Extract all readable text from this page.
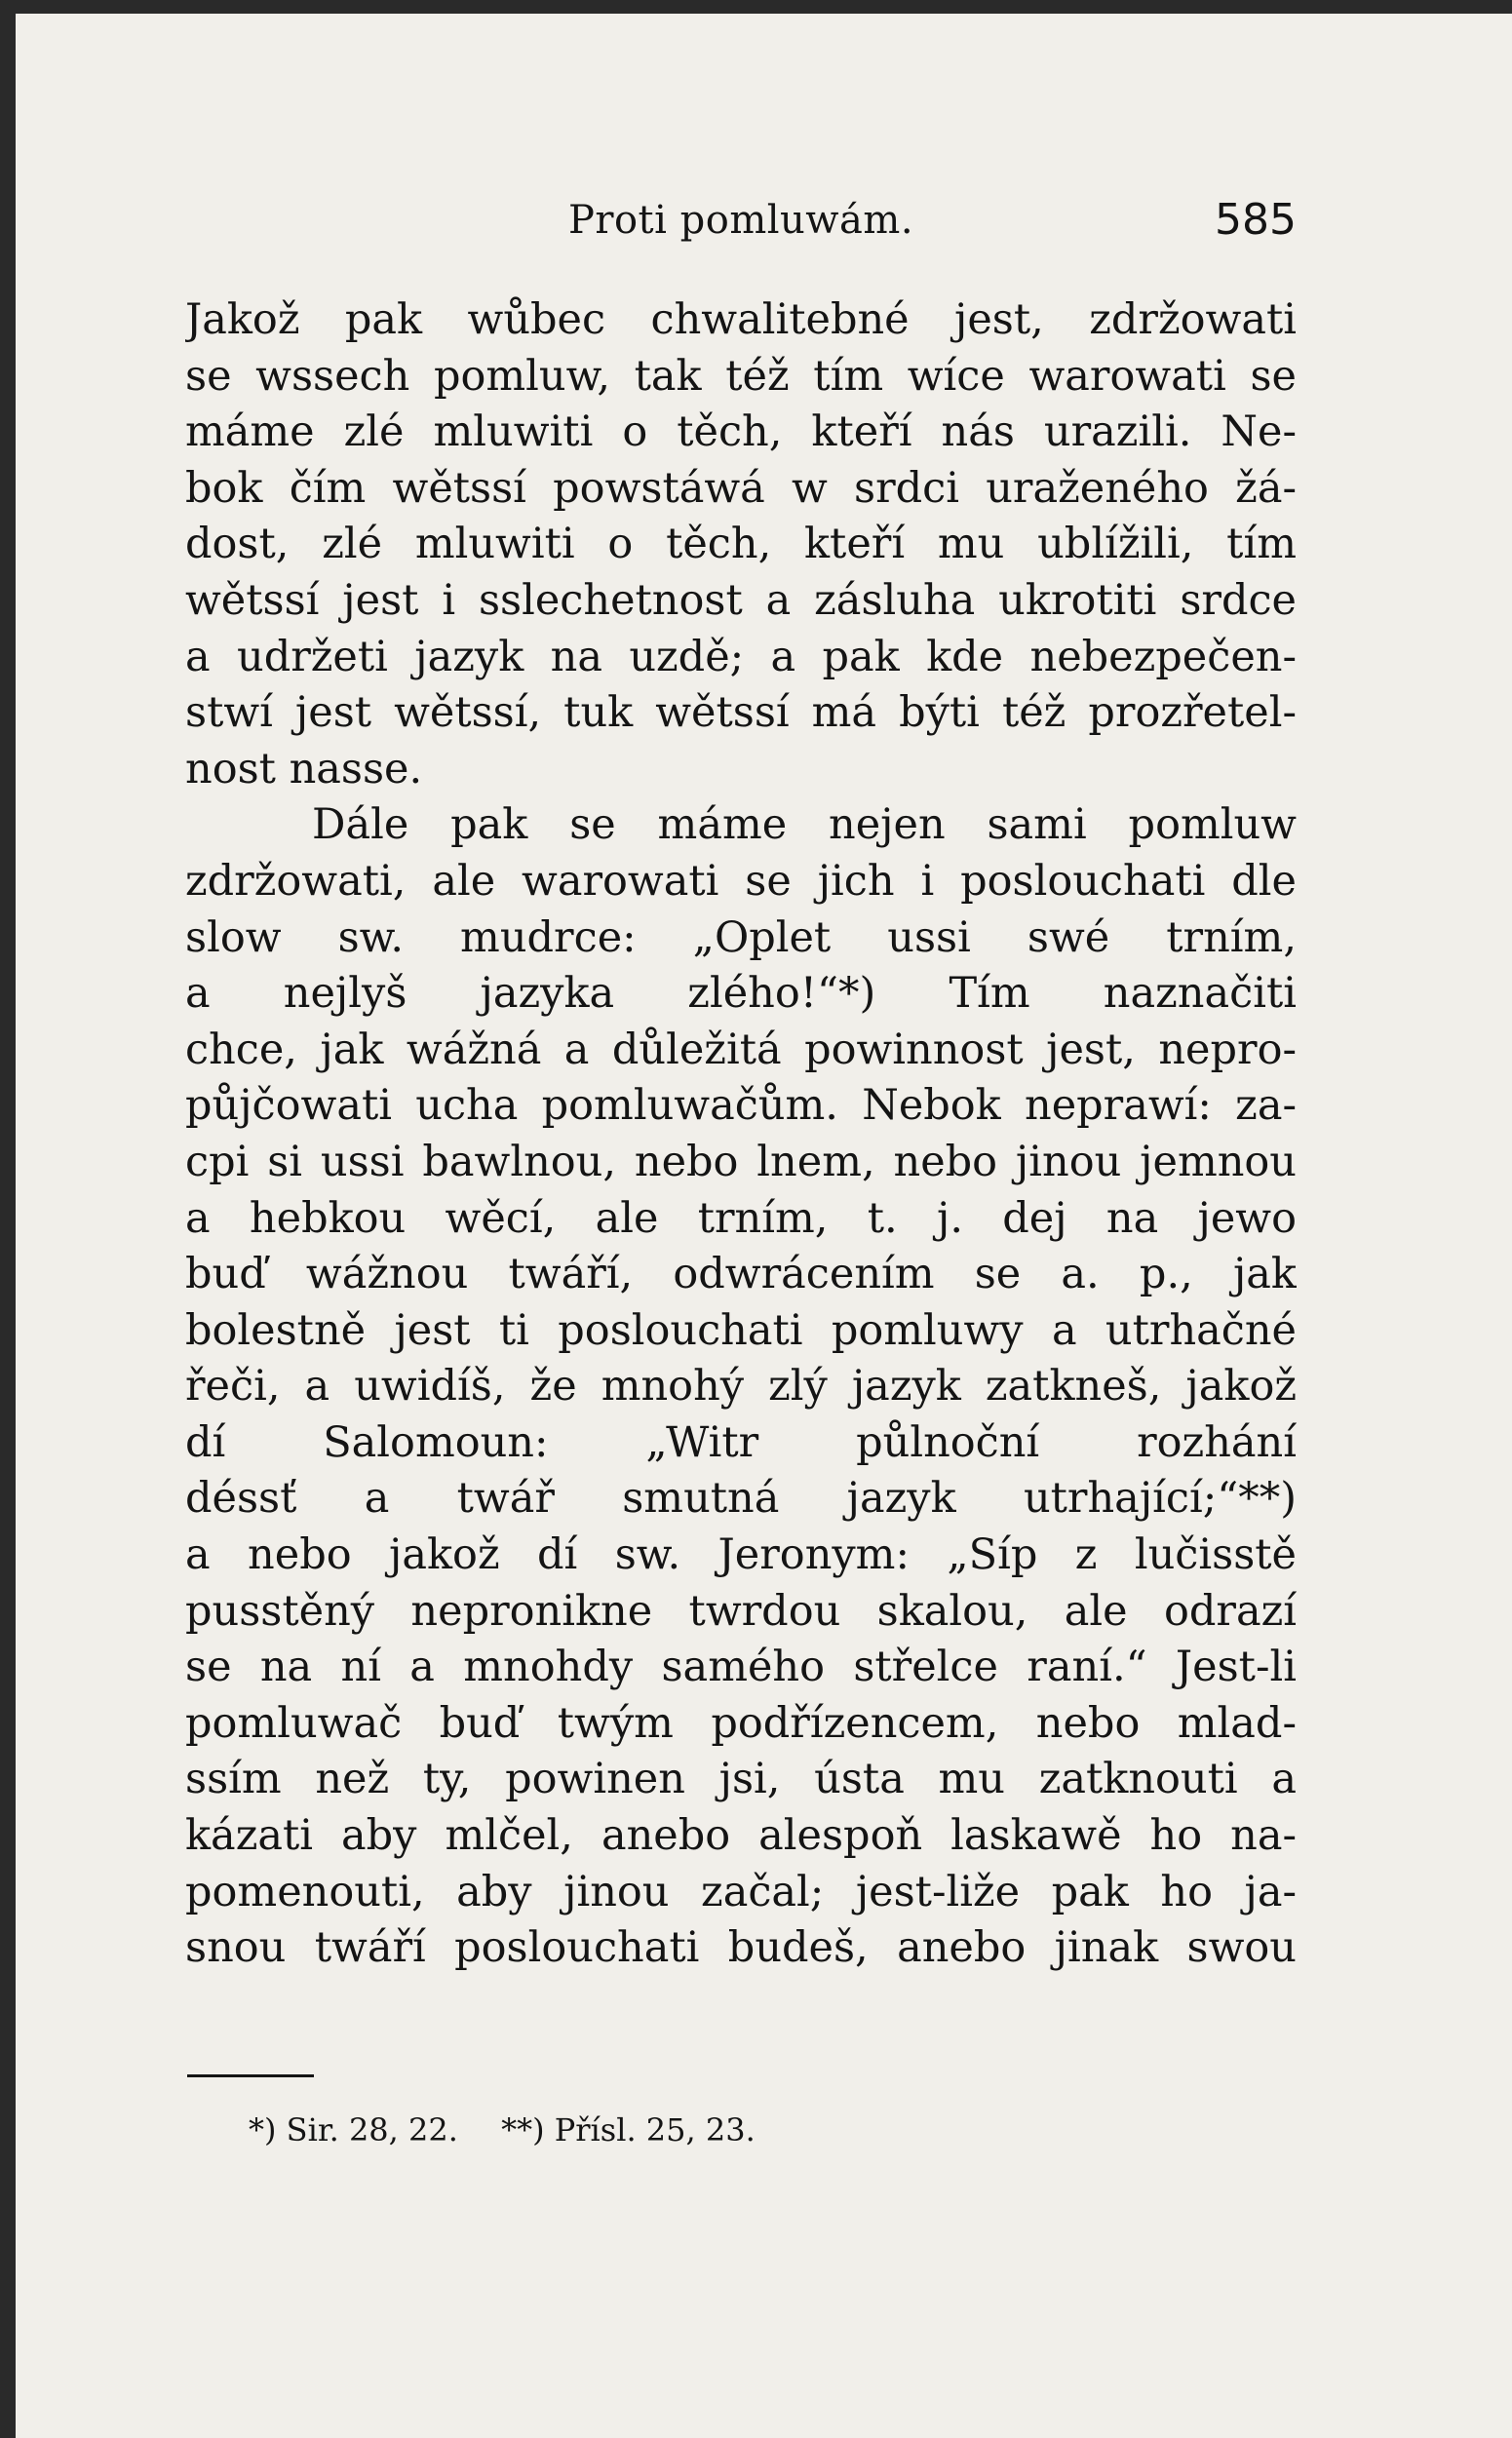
Proti pomluwám.	585
Jakož pak wůbec chwalitebné jest, zdržowati
se wssech pomluw, tak též tím wíce warowati se
máme zlé mluwiti o těch, kteří nás urazili. Ne-
bok čím wětssí powstáwá w srdci uraženého žá-
dost, zlé mluwiti o těch, kteří mu ublížili, tím
wětssí jest i sslechetnost a zásluha ukrotiti srdce
a udržeti jazyk na uzdě; a pak kde nebezpečen-
stwí jest wětssí, tuk wětssí má býti též prozřetel-
nost nasse.
Dále pak se máme nejen sami pomluw
zdržowati, ale warowati se jich i poslouchati dle
slow sw. mudrce: „Oplet ussi swé trním,
a nejlyš jazyka zlého!“*) Tím naznačiti
chce, jak wážná a důležitá powinnost jest, nepro-
půjčowati ucha pomluwačům. Nebok neprawí: za-
cpi si ussi bawlnou, nebo lnem, nebo jinou jemnou
a hebkou wěcí, ale trním, t. j. dej na jewo
buď wážnou twáří, odwrácením se a. p., jak
bolestně jest ti poslouchati pomluwy a utrhačné
řeči, a uwidíš, že mnohý zlý jazyk zatkneš, jakož
dí Salomoun: „Witr půlnoční rozhání
déssť a twář smutná jazyk utrhající;“**)
a nebo jakož dí sw. Jeronym: „Síp z lučisstě
pusstěný nepronikne twrdou skalou, ale odrazí
se na ní a mnohdy samého střelce raní.“ Jest-li
pomluwač buď twým podřízencem, nebo mlad-
ssím než ty, powinen jsi, ústa mu zatknouti a
kázati aby mlčel, anebo alespoň laskawě ho na-
pomenouti, aby jinou začal; jest-liže pak ho ja-
snou twáří poslouchati budeš, anebo jinak swou
*) Sir. 28, 22. **) Přísl. 25, 23.
